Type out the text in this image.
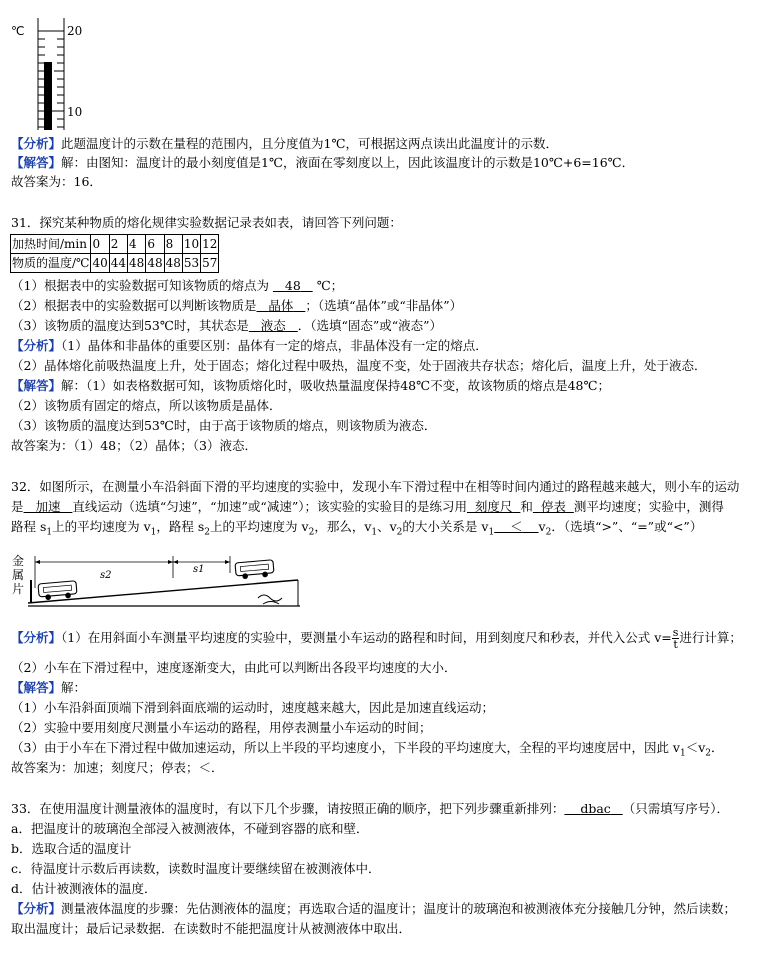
℃	20
10
【分析】此题温度计的示数在量程的范围内，且分度值为1℃，可根据这两点读出此温度计的示数．
【解答】解：由图知：温度计的最小刻度值是1℃，液面在零刻度以上，因此该温度计的示数是10℃+6=16℃．
故答案为：16．
31．探究某种物质的熔化规律实验数据记录表如表，请回答下列问题：
加热时间/min	0	2	4	6	8	10	12
物质的温度/℃	40	44	48	48	48	53	57
（1）根据表中的实验数据可知该物质的熔点为 48 ℃；
（2）根据表中的实验数据可以判断该物质是 晶体 ；（选填“晶体”或“非晶体”）
（3）该物质的温度达到53℃时，其状态是 液态 ．（选填“固态”或“液态”）
【分析】（1）晶体和非晶体的重要区别：晶体有一定的熔点，非晶体没有一定的熔点．
（2）晶体熔化前吸热温度上升，处于固态；熔化过程中吸热，温度不变，处于固液共存状态；熔化后，温度上升，处于液态．
【解答】解：（1）如表格数据可知，该物质熔化时，吸收热量温度保持48℃不变，故该物质的熔点是48℃；
（2）该物质有固定的熔点，所以该物质是晶体．
（3）该物质的温度达到53℃时，由于高于该物质的熔点，则该物质为液态．
故答案为：（1）48；（2）晶体；（3）液态．
32．如图所示，在测量小车沿斜面下滑的平均速度的实验中，发现小车下滑过程中在相等时间内通过的路程越来越大，则小车的运动
是 加速 直线运动（选填“匀速”，“加速”或“减速”）；该实验的实验目的是练习用 刻度尺 和 停表 测平均速度；实验中，测得
路程 $s_1$上的平均速度为 $v_1$，路程 $s_2$上的平均速度为 $v_2$，那么，$v_1$、$v_2$的大小关系是 $v_1 < v_2$．（选填“>”、“=”或“<”）
金
属
片
s2
s1
【分析】（1）在用斜面小车测量平均速度的实验中，要测量小车运动的路程和时间，用到刻度尺和秒表，并代入公式 $v= \frac{s}{t}$ 进行计算；
（2）小车在下滑过程中，速度逐渐变大，由此可以判断出各段平均速度的大小．
【解答】解：
（1）小车沿斜面顶端下滑到斜面底端的运动时，速度越来越大，因此是加速直线运动；
（2）实验中要用刻度尺测量小车运动的路程，用停表测量小车运动的时间；
（3）由于小车在下滑过程中做加速运动，所以上半段的平均速度小，下半段的平均速度大，全程的平均速度居中，因此 $v_1<v_2$．
故答案为：加速；刻度尺；停表；＜．
33．在使用温度计测量液体的温度时，有以下几个步骤，请按照正确的顺序，把下列步骤重新排列： dbac （只需填写序号）．
a．把温度计的玻璃泡全部浸入被测液体，不碰到容器的底和壁．
b．选取合适的温度计
c．待温度计示数后再读数，读数时温度计要继续留在被测液体中．
d．估计被测液体的温度．
【分析】测量液体温度的步骤：先估测液体的温度；再选取合适的温度计；温度计的玻璃泡和被测液体充分接触几分钟，然后读数；
取出温度计；最后记录数据．在读数时不能把温度计从被测液体中取出．
